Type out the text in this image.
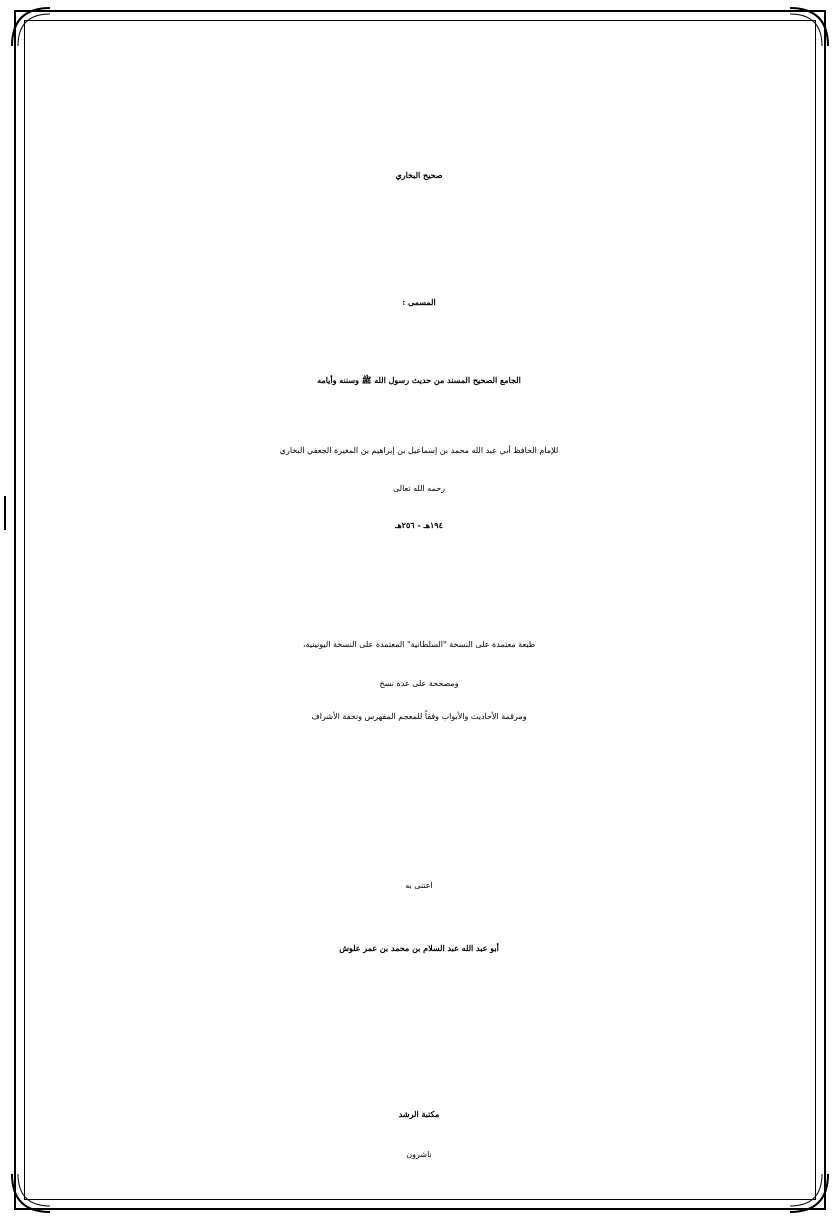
صحيح البخاري
المسمى :
الجامع الصحيح المسند من حديث رسول الله ﷺ وسننه وأيامه
للإمام الحافظ أبي عبد الله محمد بن إسماعيل بن إبراهيم بن المغيرة الجعفي البخاري
رحمه الله تعالى
١٩٤هـ - ٢٥٦هـ
طبعة معتمدة على النسخة "السلطانية" المعتمدة على النسخة اليونينية،
ومصححة على عدة نسخ
ومرقمة الأحاديث والأبواب وفقاً للمعجم المفهرس وتحفة الأشراف
اعتنى به
أبو عبد الله عبد السلام بن محمد بن عمر علوش
مكتبة الرشد
ناشرون
